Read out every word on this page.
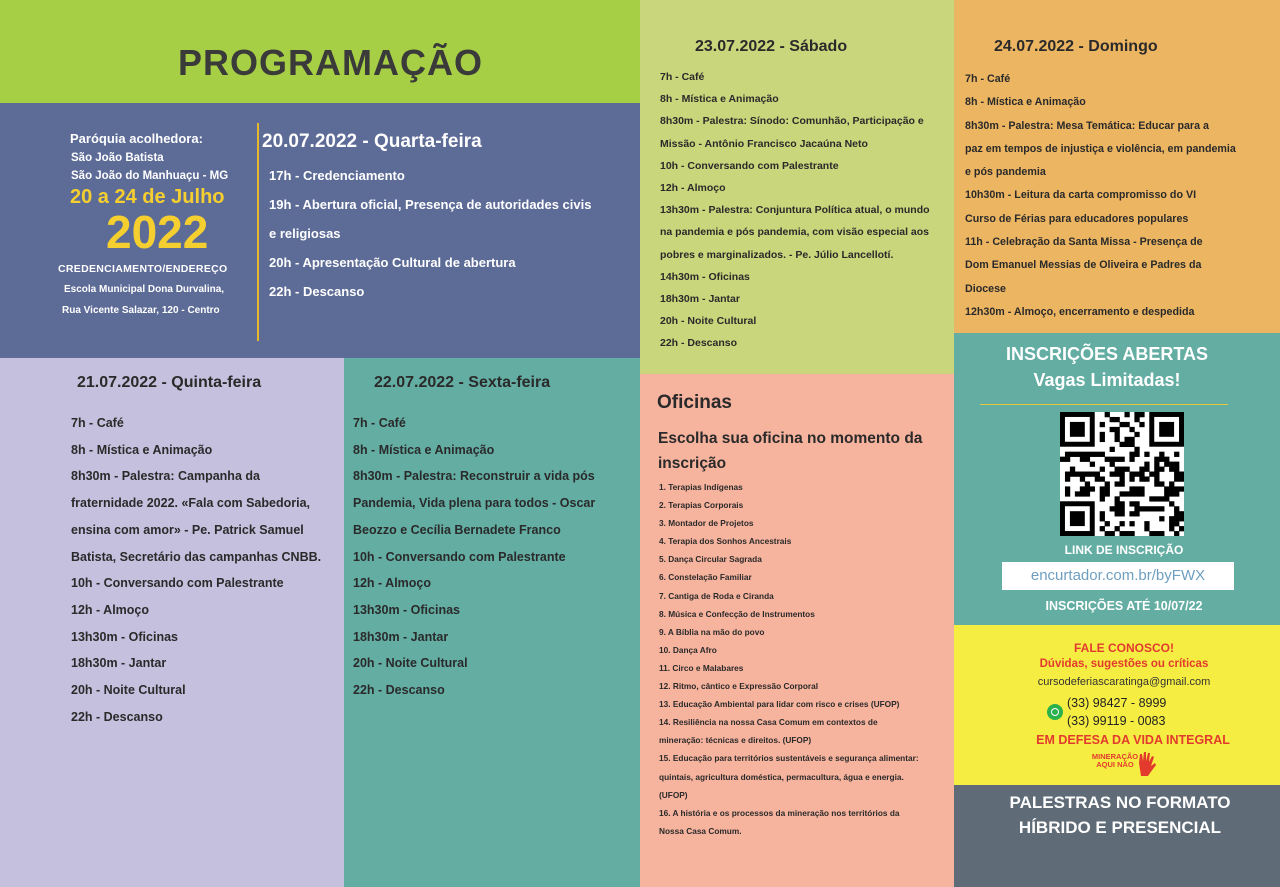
PROGRAMAÇÃO
Paróquia acolhedora:
São João Batista
São João do Manhuaçu - MG
20 a 24 de Julho
2022
CREDENCIAMENTO/ENDEREÇO
Escola Municipal Dona Durvalina,
Rua Vicente Salazar, 120 - Centro
20.07.2022 - Quarta-feira
17h - Credenciamento
19h - Abertura oficial, Presença de autoridades civis
e religiosas
20h - Apresentação Cultural de abertura
22h - Descanso
21.07.2022 - Quinta-feira
7h - Café
8h - Mística e Animação
8h30m - Palestra: Campanha da
fraternidade 2022. «Fala com Sabedoria,
ensina com amor» - Pe. Patrick Samuel
Batista, Secretário das campanhas CNBB.
10h - Conversando com Palestrante
12h - Almoço
13h30m - Oficinas
18h30m - Jantar
20h - Noite Cultural
22h - Descanso
22.07.2022 - Sexta-feira
7h - Café
8h - Mística e Animação
8h30m - Palestra: Reconstruir a vida pós
Pandemia, Vida plena para todos - Oscar
Beozzo e Cecília Bernadete Franco
10h - Conversando com Palestrante
12h - Almoço
13h30m - Oficinas
18h30m - Jantar
20h - Noite Cultural
22h - Descanso
23.07.2022 - Sábado
7h - Café
8h - Mística e Animação
8h30m - Palestra: Sínodo: Comunhão, Participação e
Missão - Antônio Francisco Jacaúna Neto
10h - Conversando com Palestrante
12h - Almoço
13h30m - Palestra: Conjuntura Política atual, o mundo
na pandemia e pós pandemia, com visão especial aos
pobres e marginalizados. - Pe. Júlio Lancellotí.
14h30m - Oficinas
18h30m - Jantar
20h - Noite Cultural
22h - Descanso
24.07.2022 - Domingo
7h - Café
8h - Mística e Animação
8h30m - Palestra: Mesa Temática: Educar para a
paz em tempos de injustiça e violência, em pandemia
e pós pandemia
10h30m - Leitura da carta compromisso do VI
Curso de Férias para educadores populares
11h - Celebração da Santa Missa - Presença de
Dom Emanuel Messias de Oliveira e Padres da
Diocese
12h30m - Almoço, encerramento e despedida
Oficinas
Escolha sua oficina no momento da inscrição
1. Terapias Indígenas
2. Terapias Corporais
3. Montador de Projetos
4. Terapia dos Sonhos Ancestrais
5. Dança Circular Sagrada
6. Constelação Familiar
7. Cantiga de Roda e Ciranda
8. Música e Confecção de Instrumentos
9. A Bíblia na mão do povo
10. Dança Afro
11. Circo e Malabares
12. Ritmo, cântico e Expressão Corporal
13. Educação Ambiental para lidar com risco e crises (UFOP)
14. Resiliência na nossa Casa Comum em contextos de
mineração: técnicas e direitos. (UFOP)
15. Educação para territórios sustentáveis e segurança alimentar:
quintais, agricultura doméstica, permacultura, água e energia.
(UFOP)
16. A história e os processos da mineração nos territórios da
Nossa Casa Comum.
INSCRIÇÕES ABERTAS
Vagas Limitadas!
LINK DE INSCRIÇÃO
encurtador.com.br/byFWX
INSCRIÇÕES ATÉ 10/07/22
FALE CONOSCO!
Dúvidas, sugestões ou críticas
cursodeferiascaratinga@gmail.com
(33) 98427 - 8999
(33) 99119 - 0083
EM DEFESA DA VIDA INTEGRAL
MINERAÇÃO AQUI NÃO
PALESTRAS NO FORMATO
HÍBRIDO E PRESENCIAL
